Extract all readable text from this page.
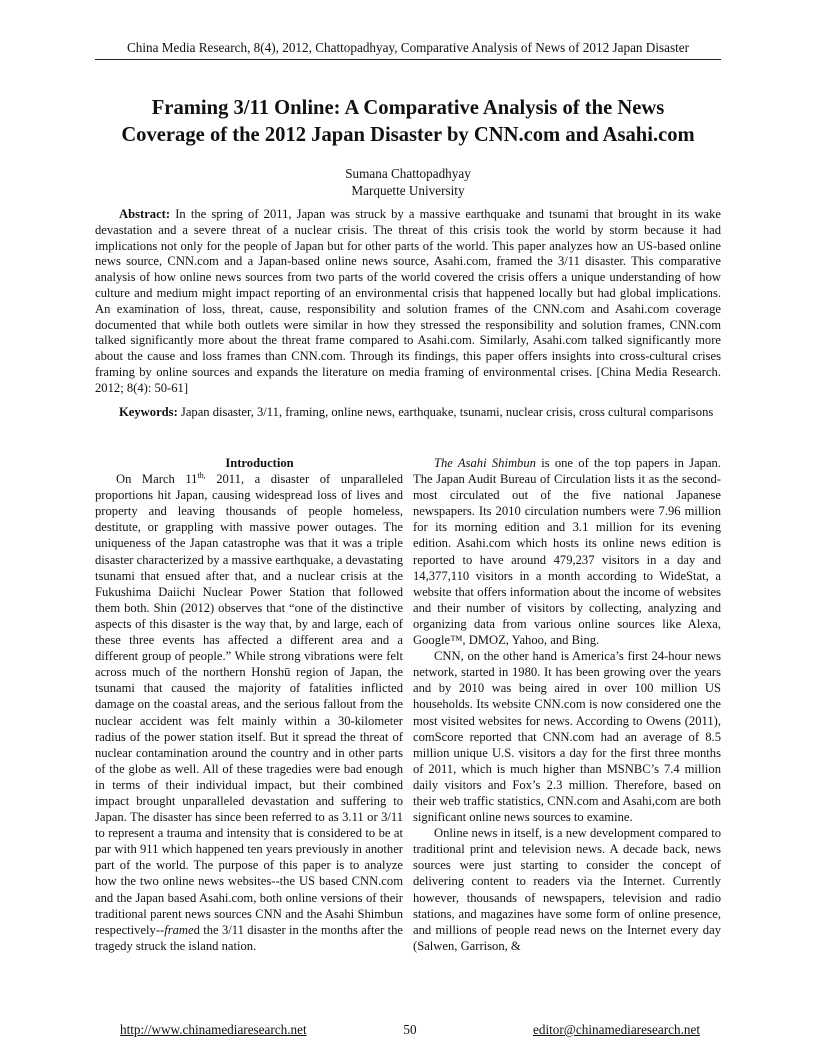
China Media Research, 8(4), 2012, Chattopadhyay, Comparative Analysis of News of 2012 Japan Disaster
Framing 3/11 Online: A Comparative Analysis of the News
Coverage of the 2012 Japan Disaster by CNN.com and Asahi.com
Sumana Chattopadhyay
Marquette University

Abstract: In the spring of 2011, Japan was struck by a massive earthquake and tsunami that brought in its wake devastation and a severe threat of a nuclear crisis. The threat of this crisis took the world by storm because it had implications not only for the people of Japan but for other parts of the world. This paper analyzes how an US-based online news source, CNN.com and a Japan-based online news source, Asahi.com, framed the 3/11 disaster. This comparative analysis of how online news sources from two parts of the world covered the crisis offers a unique understanding of how culture and medium might impact reporting of an environmental crisis that happened locally but had global implications. An examination of loss, threat, cause, responsibility and solution frames of the CNN.com and Asahi.com coverage documented that while both outlets were similar in how they stressed the responsibility and solution frames, CNN.com talked significantly more about the threat frame compared to Asahi.com. Similarly, Asahi.com talked significantly more about the cause and loss frames than CNN.com. Through its findings, this paper offers insights into cross-cultural crises framing by online sources and expands the literature on media framing of environmental crises. [China Media Research. 2012; 8(4): 50-61]

Keywords: Japan disaster, 3/11, framing, online news, earthquake, tsunami, nuclear crisis, cross cultural comparisons

Introduction

On March $11^{th,}$ 2011, a disaster of unparalleled proportions hit Japan, causing widespread loss of lives and property and leaving thousands of people homeless, destitute, or grappling with massive power outages. The uniqueness of the Japan catastrophe was that it was a triple disaster characterized by a massive earthquake, a devastating tsunami that ensued after that, and a nuclear crisis at the Fukushima Daiichi Nuclear Power Station that followed them both. Shin (2012) observes that “one of the distinctive aspects of this disaster is the way that, by and large, each of these three events has affected a different area and a different group of people.” While strong vibrations were felt across much of the northern Honshū region of Japan, the tsunami that caused the majority of fatalities inflicted damage on the coastal areas, and the serious fallout from the nuclear accident was felt mainly within a 30-kilometer radius of the power station itself. But it spread the threat of nuclear contamination around the country and in other parts of the globe as well. All of these tragedies were bad enough in terms of their individual impact, but their combined impact brought unparalleled devastation and suffering to Japan. The disaster has since been referred to as 3.11 or 3/11 to represent a trauma and intensity that is considered to be at par with 911 which happened ten years previously in another part of the world. The purpose of this paper is to analyze how the two online news websites--the US based CNN.com and the Japan based Asahi.com, both online versions of their traditional parent news sources CNN and the Asahi Shimbun respectively--framed the 3/11 disaster in the months after the tragedy struck the island nation.

The Asahi Shimbun is one of the top papers in Japan. The Japan Audit Bureau of Circulation lists it as the second-most circulated out of the five national Japanese newspapers. Its 2010 circulation numbers were 7.96 million for its morning edition and 3.1 million for its evening edition. Asahi.com which hosts its online news edition is reported to have around 479,237 visitors in a day and 14,377,110 visitors in a month according to WideStat, a website that offers information about the income of websites and their number of visitors by collecting, analyzing and organizing data from various online sources like Alexa, Google™, DMOZ, Yahoo, and Bing.

CNN, on the other hand is America’s first 24-hour news network, started in 1980. It has been growing over the years and by 2010 was being aired in over 100 million US households. Its website CNN.com is now considered one the most visited websites for news. According to Owens (2011), comScore reported that CNN.com had an average of 8.5 million unique U.S. visitors a day for the first three months of 2011, which is much higher than MSNBC’s 7.4 million daily visitors and Fox’s 2.3 million. Therefore, based on their web traffic statistics, CNN.com and Asahi,com are both significant online news sources to examine.

Online news in itself, is a new development compared to traditional print and television news. A decade back, news sources were just starting to consider the concept of delivering content to readers via the Internet. Currently however, thousands of newspapers, television and radio stations, and magazines have some form of online presence, and millions of people read news on the Internet every day (Salwen, Garrison, &

http://www.chinamediaresearch.net	50	editor@chinamediaresearch.net
